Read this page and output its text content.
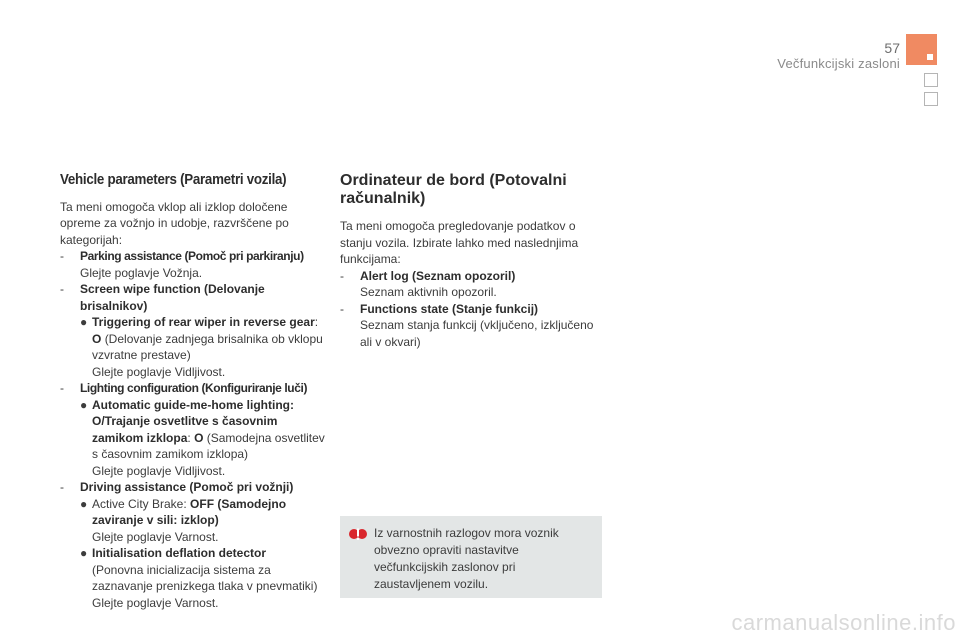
57
Večfunkcijski zasloni
Vehicle parameters (Parametri vozila)

Ta meni omogoča vklop ali izklop določene opreme za vožnjo in udobje, razvrščene po kategorijah:

- Parking assistance (Pomoč pri parkiranju)
Glejte poglavje Vožnja.
- Screen wipe function (Delovanje brisalnikov)
● Triggering of rear wiper in reverse gear: O (Delovanje zadnjega brisalnika ob vklopu vzvratne prestave)
Glejte poglavje Vidljivost.
- Lighting configuration (Konfiguriranje luči)
● Automatic guide-me-home lighting: O/Trajanje osvetlitve s časovnim zamikom izklopa: O (Samodejna osvetlitev s časovnim zamikom izklopa)
Glejte poglavje Vidljivost.
- Driving assistance (Pomoč pri vožnji)
● Active City Brake: OFF (Samodejno zaviranje v sili: izklop)
Glejte poglavje Varnost.
● Initialisation deflation detector
(Ponovna inicializacija sistema za zaznavanje prenizkega tlaka v pnevmatiki)
Glejte poglavje Varnost.
Ordinateur de bord (Potovalni računalnik)

Ta meni omogoča pregledovanje podatkov o stanju vozila. Izbirate lahko med naslednjima funkcijama:

- Alert log (Seznam opozoril)
Seznam aktivnih opozoril.
- Functions state (Stanje funkcij)
Seznam stanja funkcij (vključeno, izključeno ali v okvari)
Iz varnostnih razlogov mora voznik obvezno opraviti nastavitve večfunkcijskih zaslonov pri zaustavljenem vozilu.
carmanualsonline.info
